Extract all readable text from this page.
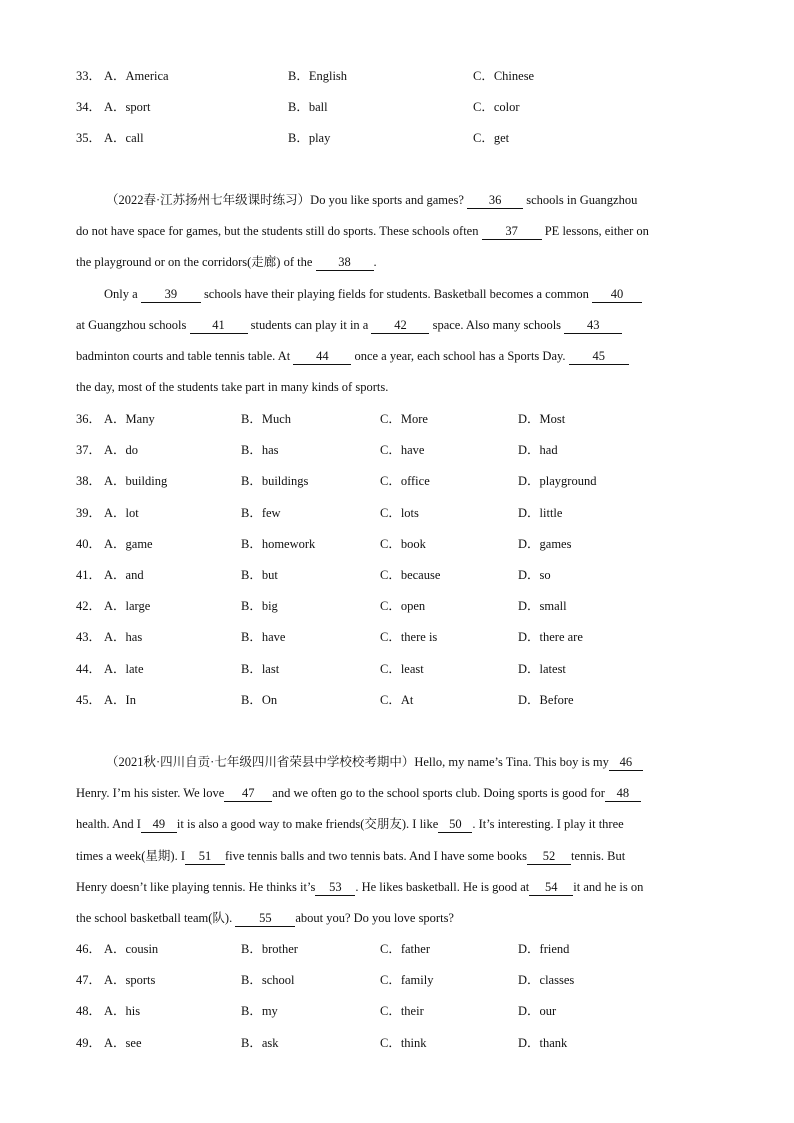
33． A．America	B．English	C．Chinese
34． A．sport	B．ball	C．color
35． A．call	B．play	C．get
（2022春·江苏扬州七年级课时练习）Do you like sports and games? 36 schools in Guangzhou
do not have space for games, but the students still do sports. These schools often 37 PE lessons, either on
the playground or on the corridors(走廊) of the 38 .
Only a 39 schools have their playing fields for students. Basketball becomes a common 40
at Guangzhou schools 41 students can play it in a 42 space. Also many schools 43
badminton courts and table tennis table. At 44 once a year, each school has a Sports Day. 45
the day, most of the students take part in many kinds of sports.
36． A．Many	B．Much	C．More	D．Most
37． A．do	B．has	C．have	D．had
38． A．building	B．buildings	C．office	D．playground
39． A．lot	B．few	C．lots	D．little
40． A．game	B．homework	C．book	D．games
41． A．and	B．but	C．because	D．so
42． A．large	B．big	C．open	D．small
43． A．has	B．have	C．there is	D．there are
44． A．late	B．last	C．least	D．latest
45． A．In	B．On	C．At	D．Before
（2021秋·四川自贡·七年级四川省荣县中学校校考期中）Hello, my name’s Tina. This boy is my 46
Henry. I’m his sister. We love 47 and we often go to the school sports club. Doing sports is good for 48
health. And I 49 it is also a good way to make friends(交朋友). I like 50 . It’s interesting. I play it three
times a week(星期). I 51 five tennis balls and two tennis bats. And I have some books 52 tennis. But
Henry doesn’t like playing tennis. He thinks it’s 53 . He likes basketball. He is good at 54 it and he is on
the school basketball team(队). 55 about you? Do you love sports?
46． A．cousin	B．brother	C．father	D．friend
47． A．sports	B．school	C．family	D．classes
48． A．his	B．my	C．their	D．our
49． A．see	B．ask	C．think	D．thank
